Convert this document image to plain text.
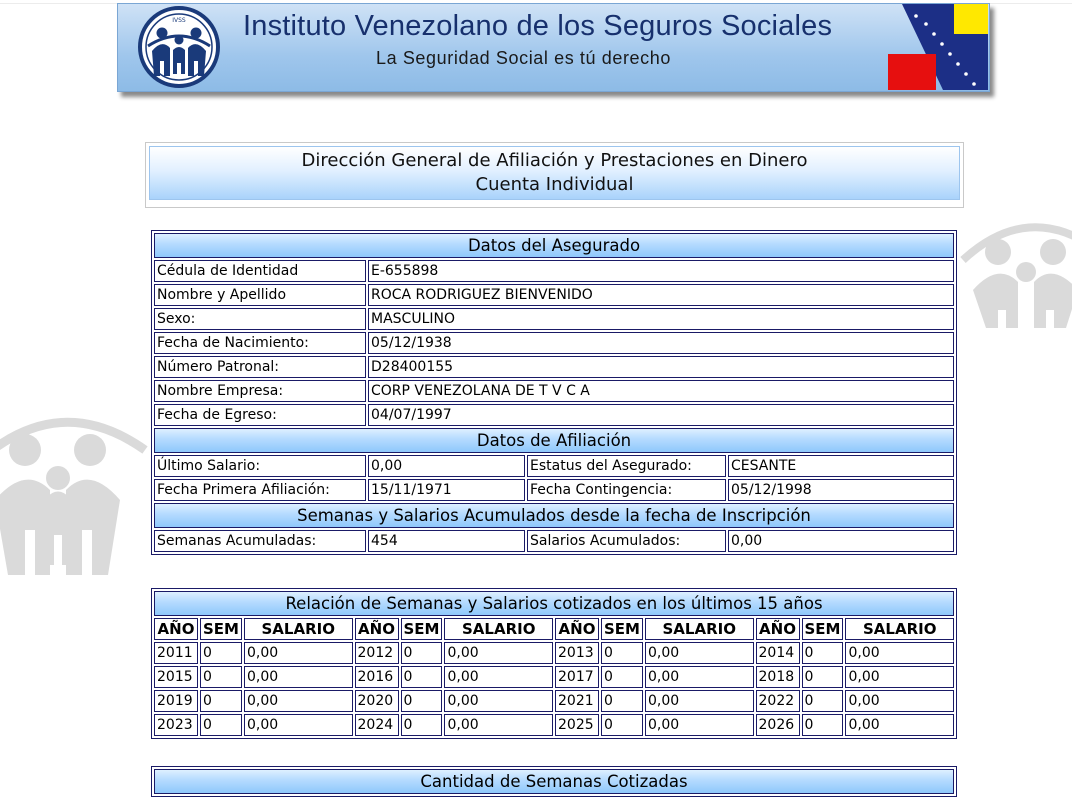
IVSS Instituto Venezolano de los Seguros Sociales
La Seguridad Social es tú derecho
Dirección General de Afiliación y Prestaciones en Dinero
Cuenta Individual
Datos del Asegurado			
Cédula de Identidad	E-655898		
Nombre y Apellido	ROCA RODRIGUEZ BIENVENIDO		
Sexo:	MASCULINO		
Fecha de Nacimiento:	05/12/1938		
Número Patronal:	D28400155		
Nombre Empresa:	CORP VENEZOLANA DE T V C A		
Fecha de Egreso:	04/07/1997		
Datos de Afiliación			
Último Salario:	0,00	Estatus del Asegurado:	CESANTE
Fecha Primera Afiliación:	15/11/1971	Fecha Contingencia:	05/12/1998
Semanas y Salarios Acumulados desde la fecha de Inscripción			
Semanas Acumuladas:	454	Salarios Acumulados:	0,00
Relación de Semanas y Salarios cotizados en los últimos 15 años											
AÑO	SEM	SALARIO	AÑO	SEM	SALARIO	AÑO	SEM	SALARIO	AÑO	SEM	SALARIO
2011	0	0,00	2012	0	0,00	2013	0	0,00	2014	0	0,00
2015	0	0,00	2016	0	0,00	2017	0	0,00	2018	0	0,00
2019	0	0,00	2020	0	0,00	2021	0	0,00	2022	0	0,00
2023	0	0,00	2024	0	0,00	2025	0	0,00	2026	0	0,00
Cantidad de Semanas Cotizadas
